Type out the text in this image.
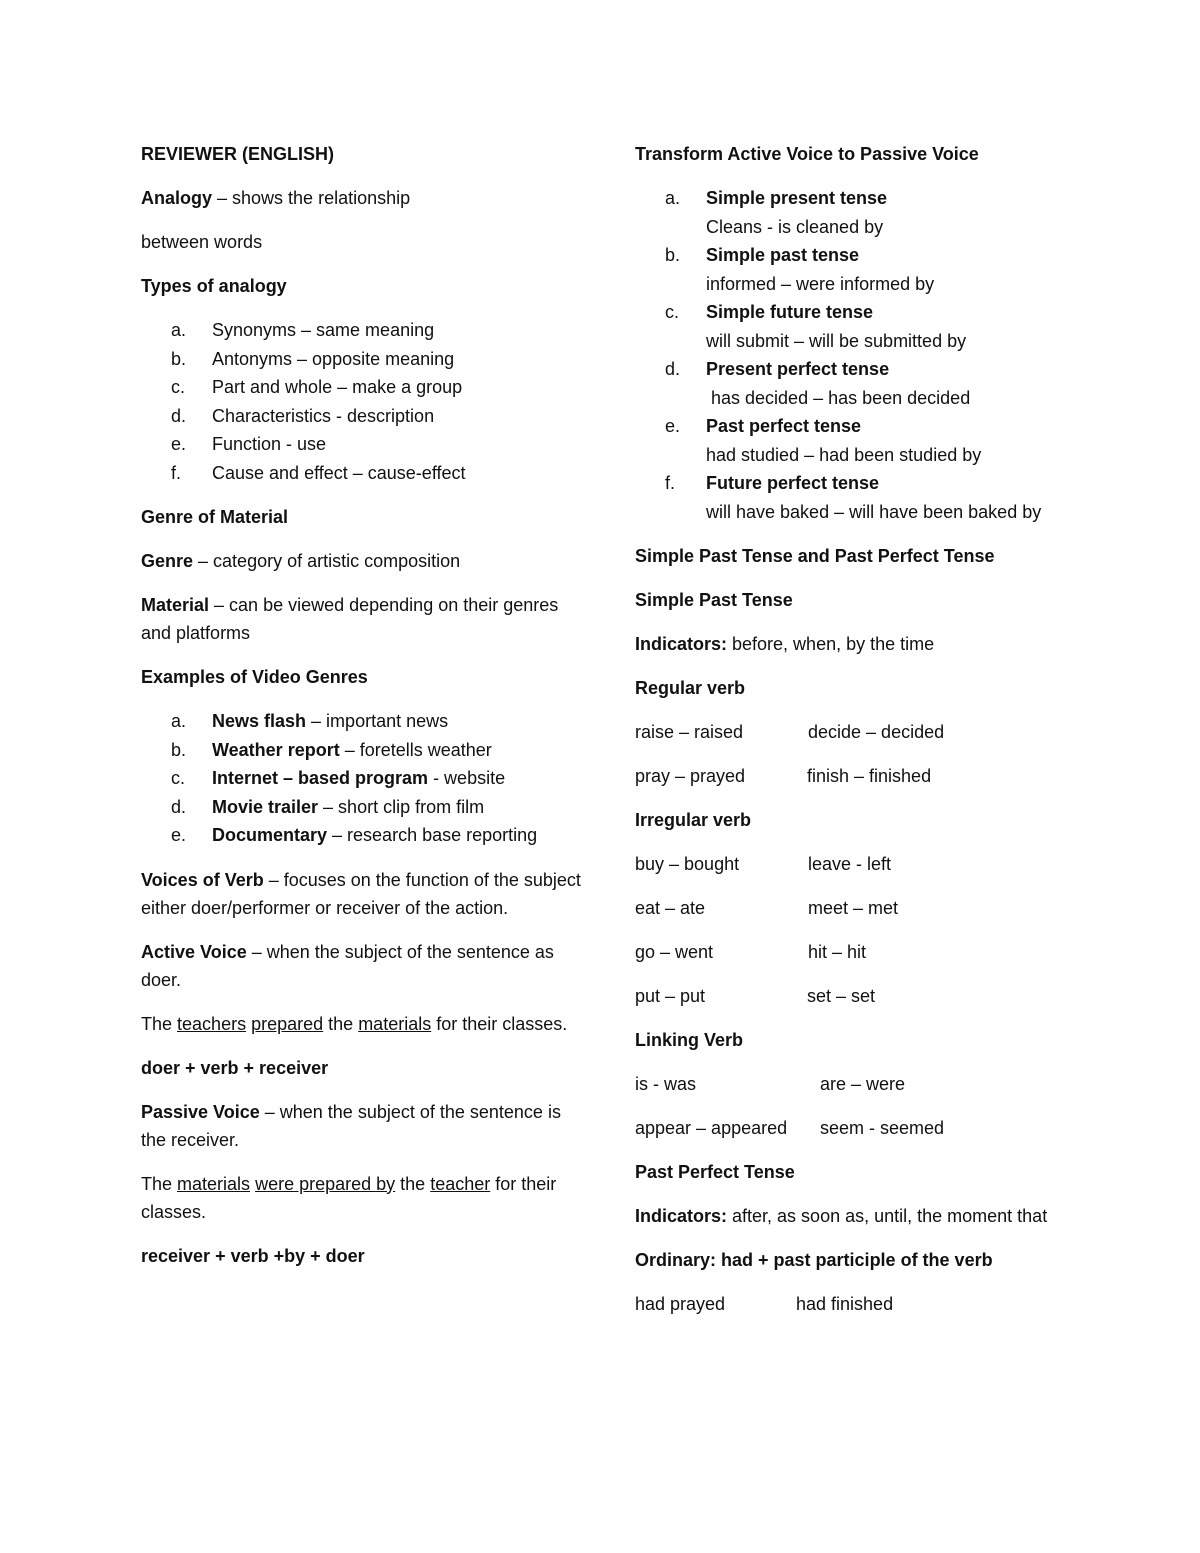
REVIEWER (ENGLISH)

Analogy – shows the relationship

between words

Types of analogy

a. Synonyms – same meaning
b. Antonyms – opposite meaning
c. Part and whole – make a group
d. Characteristics - description
e. Function - use
f. Cause and effect – cause-effect

Genre of Material

Genre – category of artistic composition

Material – can be viewed depending on their genres and platforms

Examples of Video Genres

a. News flash – important news
b. Weather report – foretells weather
c. Internet – based program - website
d. Movie trailer – short clip from film
e. Documentary – research base reporting

Voices of Verb – focuses on the function of the subject either doer/performer or receiver of the action.

Active Voice – when the subject of the sentence as doer.

The teachers prepared the materials for their classes.

doer + verb + receiver

Passive Voice – when the subject of the sentence is the receiver.

The materials were prepared by the teacher for their classes.

receiver + verb +by + doer

Transform Active Voice to Passive Voice

a. Simple present tense
Cleans - is cleaned by
b. Simple past tense
informed – were informed by
c. Simple future tense
will submit – will be submitted by
d. Present perfect tense
has decided – has been decided
e. Past perfect tense
had studied – had been studied by
f. Future perfect tense
will have baked – will have been baked by

Simple Past Tense and Past Perfect Tense

Simple Past Tense

Indicators: before, when, by the time

Regular verb

raise – raised	decide – decided
pray – prayed	finish – finished

Irregular verb

buy – bought	leave - left
eat – ate	meet – met
go – went	hit – hit
put – put	set – set

Linking Verb

is - was	are – were
appear – appeared seem - seemed

Past Perfect Tense

Indicators: after, as soon as, until, the moment that

Ordinary: had + past participle of the verb

had prayed	had finished
